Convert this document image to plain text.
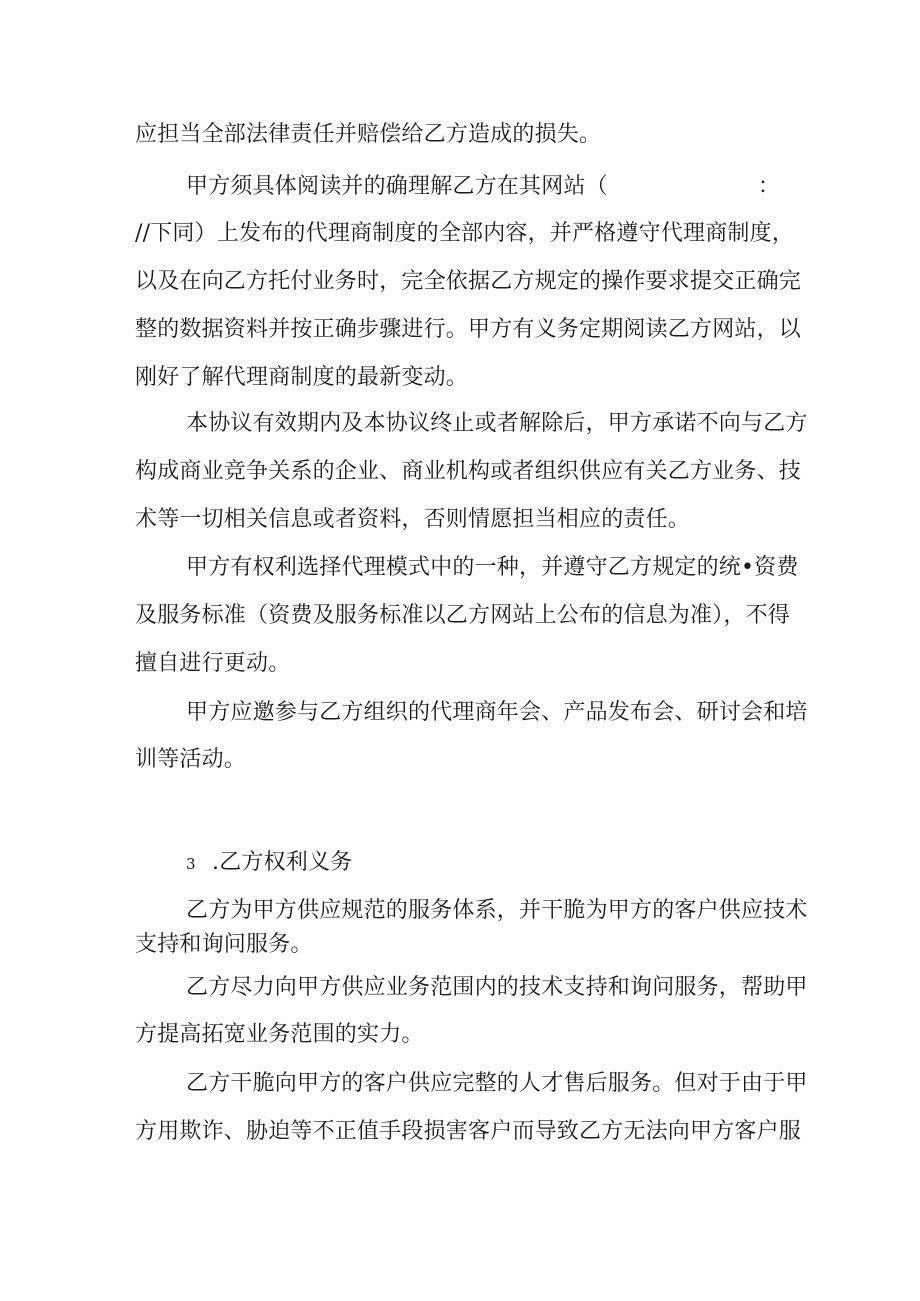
应担当全部法律责任并赔偿给乙方造成的损失。
甲方须具体阅读并的确理解乙方在其网站（	：
//下同）上发布的代理商制度的全部内容，并严格遵守代理商制度，
以及在向乙方托付业务时，完全依据乙方规定的操作要求提交正确完
整的数据资料并按正确步骤进行。甲方有义务定期阅读乙方网站，以
刚好了解代理商制度的最新变动。
本协议有效期内及本协议终止或者解除后，甲方承诺不向与乙方
构成商业竞争关系的企业、商业机构或者组织供应有关乙方业务、技
术等一切相关信息或者资料，否则情愿担当相应的责任。
甲方有权利选择代理模式中的一种，并遵守乙方规定的统•资费
及服务标准（资费及服务标准以乙方网站上公布的信息为准），不得
擅自进行更动。
甲方应邀参与乙方组织的代理商年会、产品发布会、研讨会和培
训等活动。
3 .乙方权利义务
乙方为甲方供应规范的服务体系，并干脆为甲方的客户供应技术
支持和询问服务。
乙方尽力向甲方供应业务范围内的技术支持和询问服务，帮助甲
方提高拓宽业务范围的实力。
乙方干脆向甲方的客户供应完整的人才售后服务。但对于由于甲
方用欺诈、胁迫等不正值手段损害客户而导致乙方无法向甲方客户服
